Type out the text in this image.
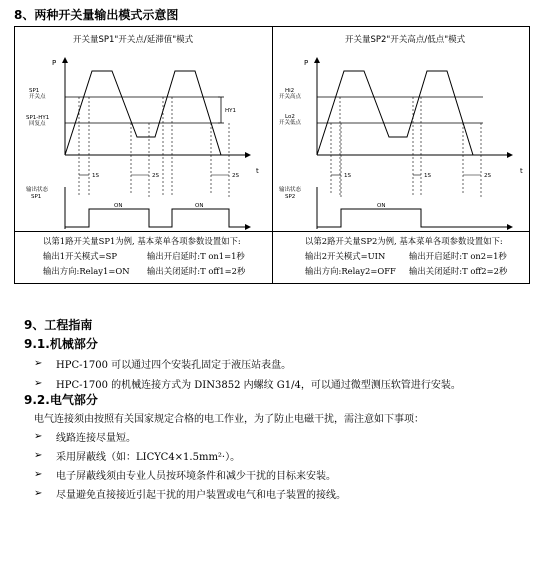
8、两种开关量输出模式示意图
开关量SP1"开关点/延滞值"模式
P
t
SP1
开关点
SP1-HY1
回复点
HY1
1S	2S	2S
输出状态
SP1
ON	ON
以第1路开关量SP1为例, 基本菜单各项参数设置如下:
输出1开关模式=SP	输出开启延时:T on1=1秒
输出方向:Relay1=ON	输出关闭延时:T off1=2秒
开关量SP2"开关高点/低点"模式
P
t
Hi2
开关高点
Lo2
开关低点
1S	1S	2S
输出状态
SP2
ON
以第2路开关量SP2为例, 基本菜单各项参数设置如下:
输出2开关模式=UIN	输出开启延时:T on2=1秒
输出方向:Relay2=OFF	输出关闭延时:T off2=2秒
9、工程指南
9.1.机械部分
➢	HPC-1700 可以通过四个安装孔固定于液压站表盘。
➢	HPC-1700 的机械连接方式为 DIN3852 内螺纹 G1/4，可以通过微型测压软管进行安装。
9.2.电气部分
电气连接须由按照有关国家规定合格的电工作业，为了防止电磁干扰，需注意如下事项：
➢	线路连接尽量短。
➢	采用屏蔽线（如：LICYC4×1.5mm²·）。
➢	电子屏蔽线须由专业人员按环境条件和减少干扰的目标来安装。
➢	尽量避免直接接近引起干扰的用户装置或电气和电子装置的接线。
